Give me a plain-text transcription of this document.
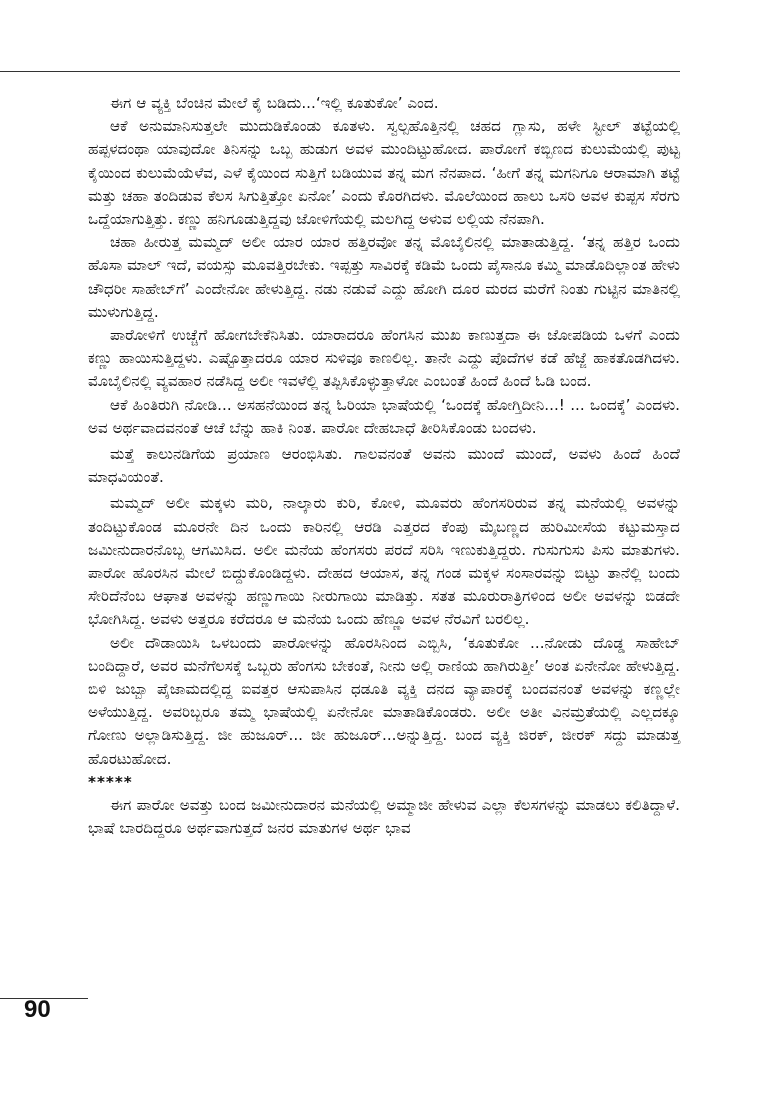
ಈಗ ಆ ವ್ಯಕ್ತಿ ಬೆಂಚಿನ ಮೇಲೆ ಕೈ ಬಡಿದು...‘ಇಲ್ಲಿ ಕೂತುಕೋ’ ಎಂದ.

ಆಕೆ ಅನುಮಾನಿಸುತ್ತಲೇ ಮುದುಡಿಕೊಂಡು ಕೂತಳು. ಸ್ವಲ್ಪಹೊತ್ತಿನಲ್ಲಿ ಚಹದ ಗ್ಲಾಸು, ಹಳೇ ಸ್ಟೀಲ್ ತಟ್ಟೆಯಲ್ಲಿ ಹಪ್ಪಳದಂಥಾ ಯಾವುದೋ ತಿನಿಸನ್ನು ಒಬ್ಬ ಹುಡುಗ ಅವಳ ಮುಂದಿಟ್ಟುಹೋದ. ಪಾರೋಗೆ ಕಬ್ಬಿಣದ ಕುಲುಮೆಯಲ್ಲಿ ಪುಟ್ಟ ಕೈಯಿಂದ ಕುಲುಮೆಯೆಳೆವ, ಎಳೆ ಕೈಯಿಂದ ಸುತ್ತಿಗೆ ಬಡಿಯುವ ತನ್ನ ಮಗ ನೆನಪಾದ. ‘ಹೀಗೆ ತನ್ನ ಮಗನಿಗೂ ಆರಾಮಾಗಿ ತಟ್ಟೆ ಮತ್ತು ಚಹಾ ತಂದಿಡುವ ಕೆಲಸ ಸಿಗುತ್ತಿತ್ತೋ ಏನೋ’ ಎಂದು ಕೊರಗಿದಳು. ಮೊಲೆಯಿಂದ ಹಾಲು ಒಸರಿ ಅವಳ ಕುಪ್ಪಸ ಸೆರಗು ಒದ್ದೆಯಾಗುತ್ತಿತ್ತು. ಕಣ್ಣು ಹನಿಗೂಡುತ್ತಿದ್ದವು ಜೋಳಿಗೆಯಲ್ಲಿ ಮಲಗಿದ್ದ ಅಳುವ ಲಲ್ಲಿಯ ನೆನಪಾಗಿ.

ಚಹಾ ಹೀರುತ್ತ ಮಮ್ಮದ್ ಅಲೀ ಯಾರ ಯಾರ ಹತ್ತಿರವೋ ತನ್ನ ಮೊಬೈಲಿನಲ್ಲಿ ಮಾತಾಡುತ್ತಿದ್ದ. ‘ತನ್ನ ಹತ್ತಿರ ಒಂದು ಹೊಸಾ ಮಾಲ್ ಇದೆ, ವಯಸ್ಸು ಮೂವತ್ತಿರಬೇಕು. ಇಪ್ಪತ್ತು ಸಾವಿರಕ್ಕೆ ಕಡಿಮೆ ಒಂದು ಪೈಸಾನೂ ಕಮ್ಮಿ ಮಾಡೊದಿಲ್ಲಾಂತ ಹೇಳು ಚೌಧರೀ ಸಾಹೇಬ್‌ಗೆ’ ಎಂದೇನೋ ಹೇಳುತ್ತಿದ್ದ. ನಡು ನಡುವೆ ಎದ್ದು ಹೋಗಿ ದೂರ ಮರದ ಮರೆಗೆ ನಿಂತು ಗುಟ್ಟಿನ ಮಾತಿನಲ್ಲಿ ಮುಳುಗುತ್ತಿದ್ದ.

ಪಾರೋಳಿಗೆ ಉಚ್ಚೆಗೆ ಹೋಗಬೇಕೆನಿಸಿತು. ಯಾರಾದರೂ ಹೆಂಗಸಿನ ಮುಖ ಕಾಣುತ್ತದಾ ಈ ಜೋಪಡಿಯ ಒಳಗೆ ಎಂದು ಕಣ್ಣು ಹಾಯಿಸುತ್ತಿದ್ದಳು. ಎಷ್ಟೊತ್ತಾದರೂ ಯಾರ ಸುಳಿವೂ ಕಾಣಲಿಲ್ಲ. ತಾನೇ ಎದ್ದು ಪೊದೆಗಳ ಕಡೆ ಹೆಜ್ಜೆ ಹಾಕತೊಡಗಿದಳು. ಮೊಬೈಲಿನಲ್ಲಿ ವ್ಯವಹಾರ ನಡೆಸಿದ್ದ ಅಲೀ ಇವಳೆಲ್ಲಿ ತಪ್ಪಿಸಿಕೊಳ್ಳುತ್ತಾಳೋ ಎಂಬಂತೆ ಹಿಂದೆ ಹಿಂದೆ ಓಡಿ ಬಂದ.

ಆಕೆ ಹಿಂತಿರುಗಿ ನೋಡಿ... ಅಸಹನೆಯಿಂದ ತನ್ನ ಓರಿಯಾ ಭಾಷೆಯಲ್ಲಿ ‘ಒಂದಕ್ಕೆ ಹೋಗ್ತಿದೀನಿ...! ... ಒಂದಕ್ಕೆ’ ಎಂದಳು. ಅವ ಅರ್ಥವಾದವನಂತೆ ಆಚೆ ಬೆನ್ನು ಹಾಕಿ ನಿಂತ. ಪಾರೋ ದೇಹಬಾಧೆ ತೀರಿಸಿಕೊಂಡು ಬಂದಳು.

ಮತ್ತೆ ಕಾಲುನಡಿಗೆಯ ಪ್ರಯಾಣ ಆರಂಭಿಸಿತು. ಗಾಲವನಂತೆ ಅವನು ಮುಂದೆ ಮುಂದೆ, ಅವಳು ಹಿಂದೆ ಹಿಂದೆ ಮಾಧವಿಯಂತೆ.

ಮಮ್ಮದ್ ಅಲೀ ಮಕ್ಕಳು ಮರಿ, ನಾಲ್ಕಾರು ಕುರಿ, ಕೋಳಿ, ಮೂವರು ಹೆಂಗಸರಿರುವ ತನ್ನ ಮನೆಯಲ್ಲಿ ಅವಳನ್ನು ತಂದಿಟ್ಟುಕೊಂಡ ಮೂರನೇ ದಿನ ಒಂದು ಕಾರಿನಲ್ಲಿ ಆರಡಿ ಎತ್ತರದ ಕೆಂಪು ಮೈಬಣ್ಣದ ಹುರಿಮೀಸೆಯ ಕಟ್ಟುಮಸ್ತಾದ ಜಮೀನುದಾರನೊಬ್ಬ ಆಗಮಿಸಿದ. ಅಲೀ ಮನೆಯ ಹೆಂಗಸರು ಪರದೆ ಸರಿಸಿ ಇಣುಕುತ್ತಿದ್ದರು. ಗುಸುಗುಸು ಪಿಸು ಮಾತುಗಳು. ಪಾರೋ ಹೊರಸಿನ ಮೇಲೆ ಬಿದ್ದುಕೊಂಡಿದ್ದಳು. ದೇಹದ ಆಯಾಸ, ತನ್ನ ಗಂಡ ಮಕ್ಕಳ ಸಂಸಾರವನ್ನು ಬಿಟ್ಟು ತಾನೆಲ್ಲಿ ಬಂದು ಸೇರಿದೆನೆಂಬ ಆಘಾತ ಅವಳನ್ನು ಹಣ್ಣುಗಾಯಿ ನೀರುಗಾಯಿ ಮಾಡಿತ್ತು. ಸತತ ಮೂರುರಾತ್ರಿಗಳಿಂದ ಅಲೀ ಅವಳನ್ನು ಬಿಡದೇ ಭೋಗಿಸಿದ್ದ. ಅವಳು ಅತ್ತರೂ ಕರೆದರೂ ಆ ಮನೆಯ ಒಂದು ಹೆಣ್ಣೂ ಅವಳ ನೆರವಿಗೆ ಬರಲಿಲ್ಲ.

ಅಲೀ ದೌಡಾಯಿಸಿ ಒಳಬಂದು ಪಾರೋಳನ್ನು ಹೊರಸಿನಿಂದ ಎಬ್ಬಿಸಿ, ‘ಕೂತುಕೋ ...ನೋಡು ದೊಡ್ಡ ಸಾಹೇಬ್ ಬಂದಿದ್ದಾರೆ, ಅವರ ಮನೆಗೆಲಸಕ್ಕೆ ಒಬ್ಬರು ಹೆಂಗಸು ಬೇಕಂತೆ, ನೀನು ಅಲ್ಲಿ ರಾಣಿಯ ಹಾಗಿರುತ್ತೀ’ ಅಂತ ಏನೇನೋ ಹೇಳುತ್ತಿದ್ದ. ಬಿಳಿ ಜುಬ್ಬಾ ಪೈಜಾಮದಲ್ಲಿದ್ದ ಐವತ್ತರ ಆಸುಪಾಸಿನ ಧಡೂತಿ ವ್ಯಕ್ತಿ ದನದ ವ್ಯಾಪಾರಕ್ಕೆ ಬಂದವನಂತೆ ಅವಳನ್ನು ಕಣ್ಣಲ್ಲೇ ಅಳೆಯುತ್ತಿದ್ದ. ಅವರಿಬ್ಬರೂ ತಮ್ಮ ಭಾಷೆಯಲ್ಲಿ ಏನೇನೋ ಮಾತಾಡಿಕೊಂಡರು. ಅಲೀ ಅತೀ ವಿನಮ್ರತೆಯಲ್ಲಿ ಎಲ್ಲದಕ್ಕೂ ಗೋಣು ಅಲ್ಲಾಡಿಸುತ್ತಿದ್ದ. ಜೀ ಹುಜೂರ್... ಜೀ ಹುಜೂರ್...ಅನ್ನುತ್ತಿದ್ದ. ಬಂದ ವ್ಯಕ್ತಿ ಜಿರಕ್, ಜೀರಕ್ ಸದ್ದು ಮಾಡುತ್ತ ಹೊರಟುಹೋದ.

*****

ಈಗ ಪಾರೋ ಅವತ್ತು ಬಂದ ಜಮೀನುದಾರನ ಮನೆಯಲ್ಲಿ ಅಮ್ಮಾಜೀ ಹೇಳುವ ಎಲ್ಲಾ ಕೆಲಸಗಳನ್ನು ಮಾಡಲು ಕಲಿತಿದ್ದಾಳೆ. ಭಾಷೆ ಬಾರದಿದ್ದರೂ ಅರ್ಥವಾಗುತ್ತದೆ ಜನರ ಮಾತುಗಳ ಅರ್ಥ ಭಾವ

90
